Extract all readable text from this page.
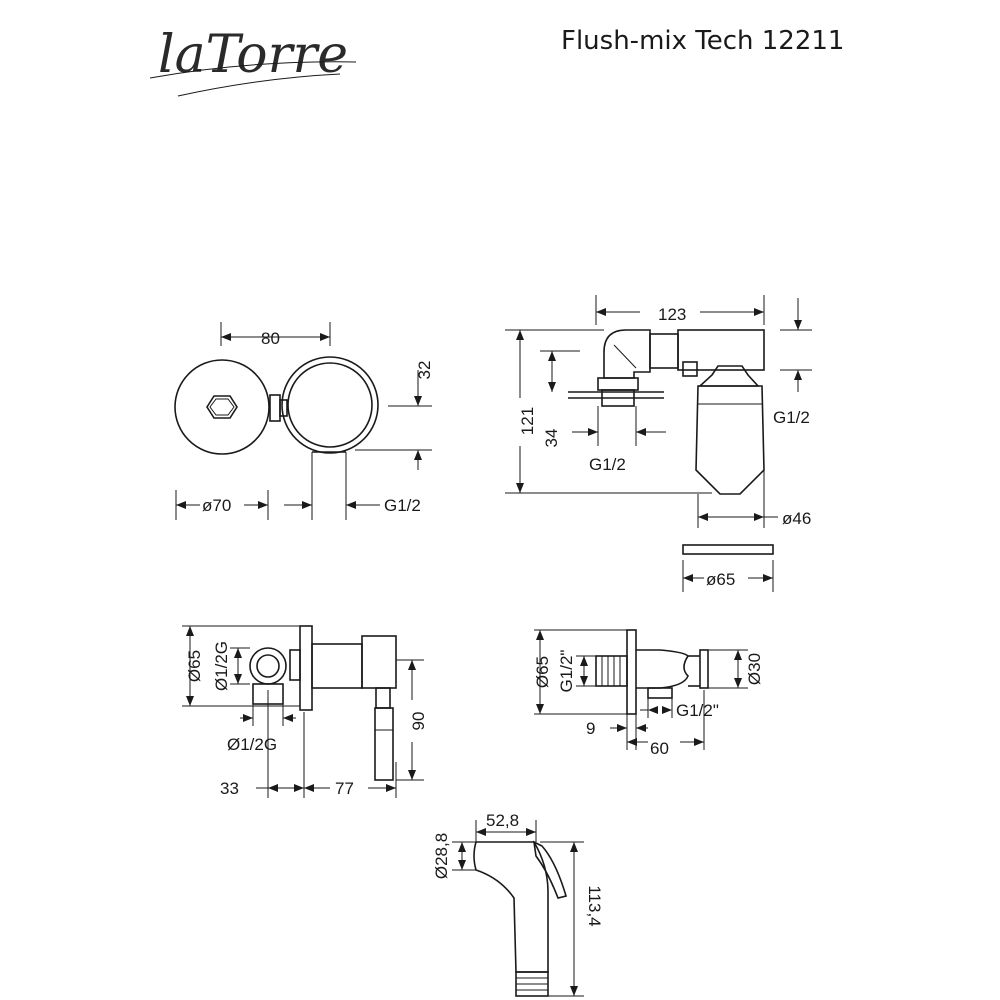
laTorre	Flush-mix Tech 12211
80
32
ø70	G1/2
123
121
34
G1/2
G1/2
ø46
ø65
Ø65 Ø1/2G
Ø1/2G
90
33	77
Ø65 G1/2"	Ø30
G1/2"
9
60
Ø28,8
52,8
113,4
